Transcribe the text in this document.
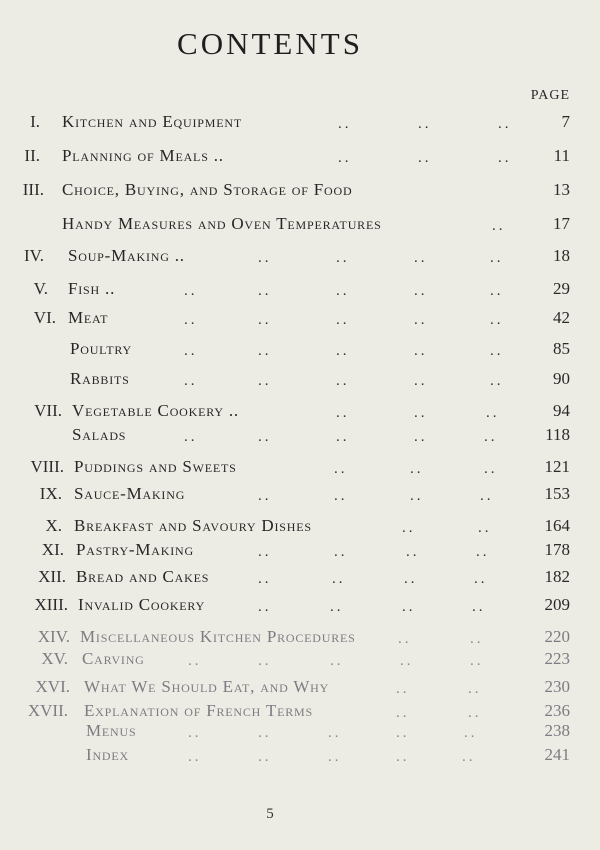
CONTENTS
PAGE
I. Kitchen and Equipment	..	..	..	7
II. Planning of Meals ..	..	..	.. 11
III. Choice, Buying, and Storage of Food	13
Handy Measures and Oven Temperatures	..	17
IV. Soup-Making ..	..	..	..	..	18
V. Fish ..	..	..	..	..	..	29
VI. Meat	..	..	..	..	..	42
Poultry	..	..	..	..	..	85
Rabbits	..	..	..	..	..	90
VII. Vegetable Cookery ..	..	..	..	94
Salads	..	..	..	..	..	118
VIII. Puddings and Sweets	..	..	..	121
IX. Sauce-Making	..	..	..	..	153
X. Breakfast and Savoury Dishes	..	..	164
XI. Pastry-Making	..	..	..	..	178
XII. Bread and Cakes	..	..	..	..	182
XIII. Invalid Cookery	..	..	..	..	209
XIV. Miscellaneous Kitchen Procedures	..	..	220
XV. Carving	..	..	..	..	..	223
XVI. What We Should Eat, and Why	..	..	230
XVII. Explanation of French Terms	..	..	236
Menus	..	..	..	..	..	238
Index	..	..	..	..	..	241
5
